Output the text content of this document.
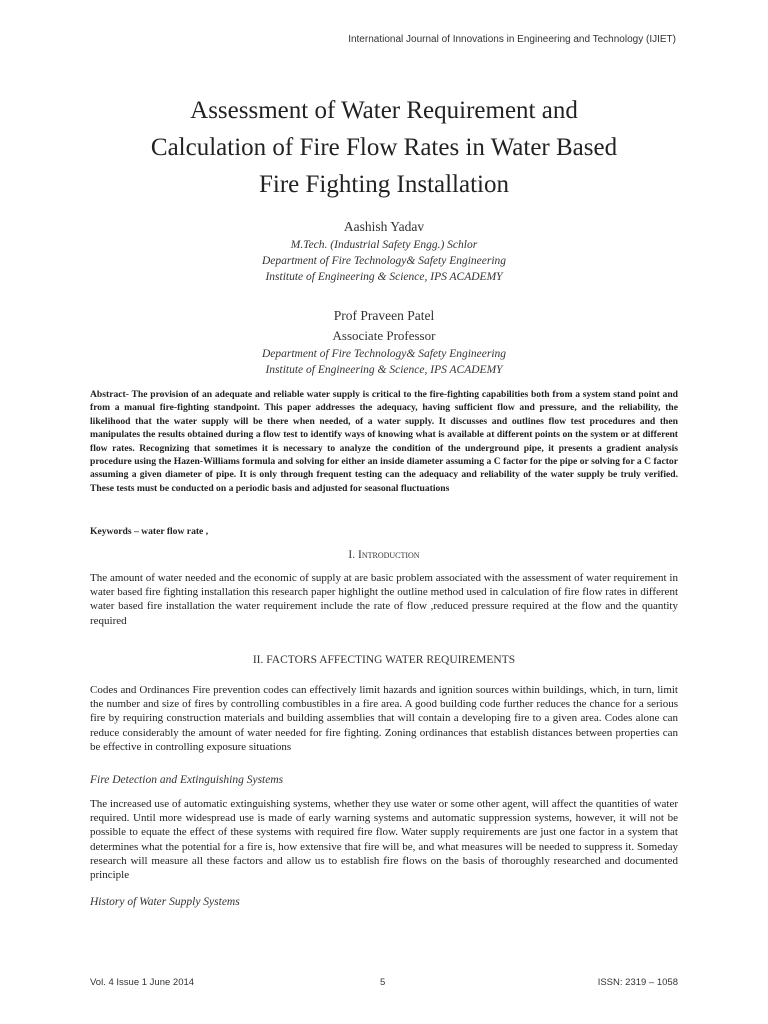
International Journal of Innovations in Engineering and Technology (IJIET)
Assessment of Water Requirement and
Calculation of Fire Flow Rates in Water Based
Fire Fighting Installation
Aashish Yadav
M.Tech. (Industrial Safety Engg.) Schlor
Department of Fire Technology& Safety Engineering
Institute of Engineering & Science, IPS ACADEMY
Prof Praveen Patel
Associate Professor
Department of Fire Technology& Safety Engineering
Institute of Engineering & Science, IPS ACADEMY

Abstract- The provision of an adequate and reliable water supply is critical to the fire-fighting capabilities both from a system stand point and from a manual fire-fighting standpoint. This paper addresses the adequacy, having sufficient flow and pressure, and the reliability, the likelihood that the water supply will be there when needed, of a water supply. It discusses and outlines flow test procedures and then manipulates the results obtained during a flow test to identify ways of knowing what is available at different points on the system or at different flow rates. Recognizing that sometimes it is necessary to analyze the condition of the underground pipe, it presents a gradient analysis procedure using the Hazen-Williams formula and solving for either an inside diameter assuming a C factor for the pipe or solving for a C factor assuming a given diameter of pipe. It is only through frequent testing can the adequacy and reliability of the water supply be truly verified. These tests must be conducted on a periodic basis and adjusted for seasonal fluctuations

Keywords – water flow rate ,
I. Introduction

The amount of water needed and the economic of supply at are basic problem associated with the assessment of water requirement in water based fire fighting installation this research paper highlight the outline method used in calculation of fire flow rates in different water based fire installation the water requirement include the rate of flow ,reduced pressure required at the flow and the quantity required

II. FACTORS AFFECTING WATER REQUIREMENTS

Codes and Ordinances Fire prevention codes can effectively limit hazards and ignition sources within buildings, which, in turn, limit the number and size of fires by controlling combustibles in a fire area. A good building code further reduces the chance for a serious fire by requiring construction materials and building assemblies that will contain a developing fire to a given area. Codes alone can reduce considerably the amount of water needed for fire fighting. Zoning ordinances that establish distances between properties can be effective in controlling exposure situations

Fire Detection and Extinguishing Systems

The increased use of automatic extinguishing systems, whether they use water or some other agent, will affect the quantities of water required. Until more widespread use is made of early warning systems and automatic suppression systems, however, it will not be possible to equate the effect of these systems with required fire flow. Water supply requirements are just one factor in a system that determines what the potential for a fire is, how extensive that fire will be, and what measures will be needed to suppress it. Someday research will measure all these factors and allow us to establish fire flows on the basis of thoroughly researched and documented principle

History of Water Supply Systems
Vol. 4 Issue 1 June 2014	5	ISSN: 2319 – 1058
